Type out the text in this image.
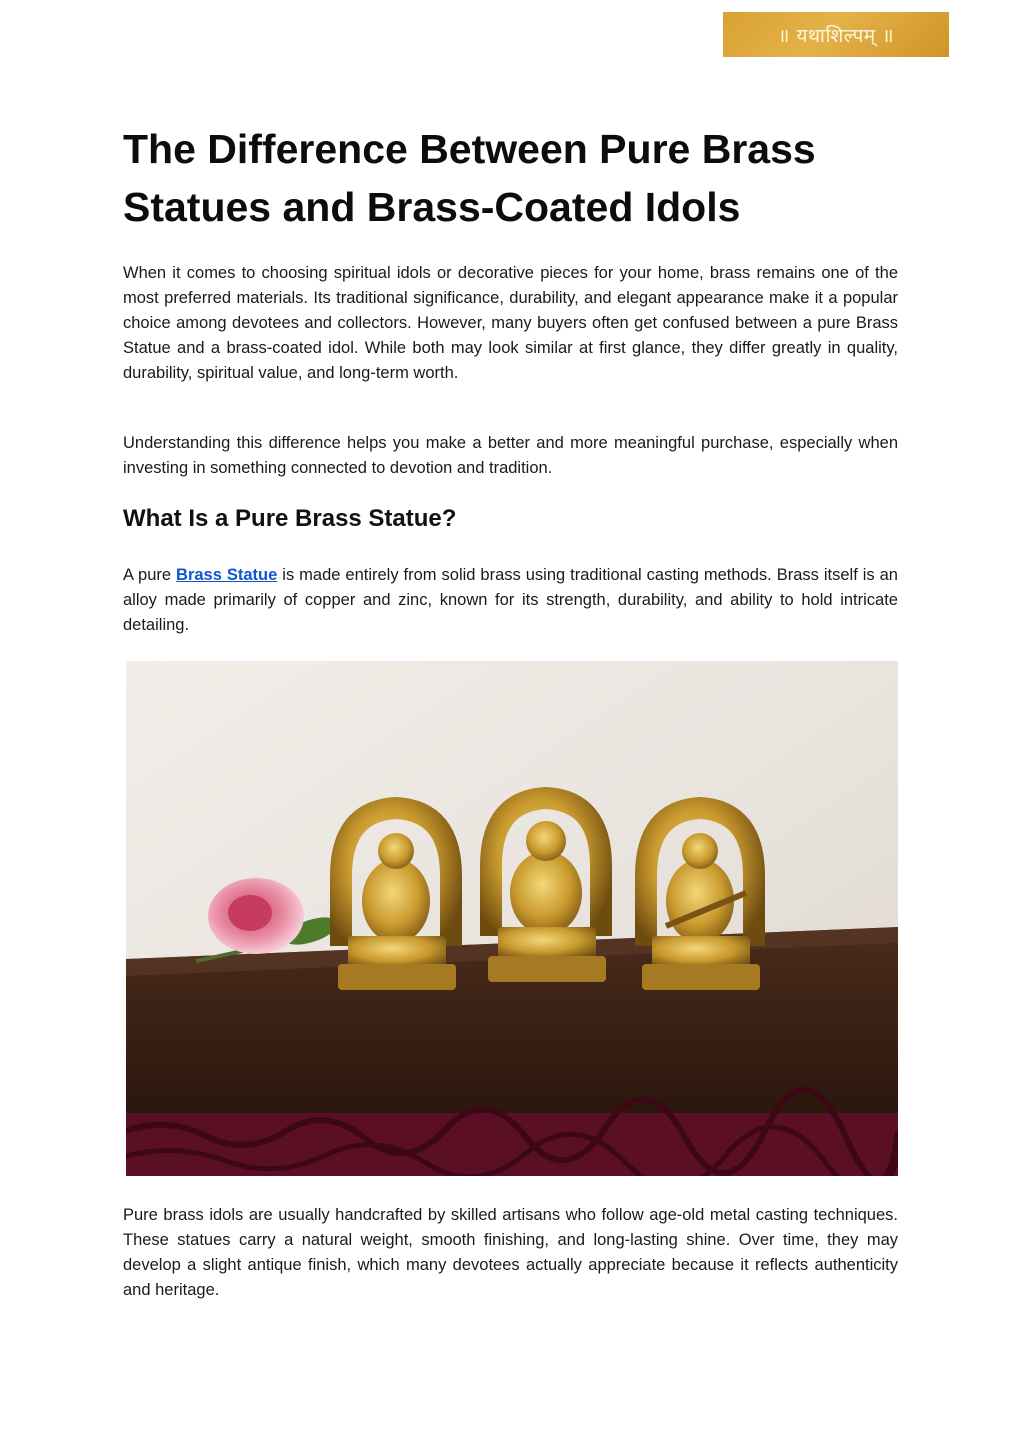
॥ यथाशिल्पम् ॥
The Difference Between Pure Brass Statues and Brass-Coated Idols

When it comes to choosing spiritual idols or decorative pieces for your home, brass remains one of the most preferred materials. Its traditional significance, durability, and elegant appearance make it a popular choice among devotees and collectors. However, many buyers often get confused between a pure Brass Statue and a brass-coated idol. While both may look similar at first glance, they differ greatly in quality, durability, spiritual value, and long-term worth.

Understanding this difference helps you make a better and more meaningful purchase, especially when investing in something connected to devotion and tradition.

What Is a Pure Brass Statue?

A pure Brass Statue is made entirely from solid brass using traditional casting methods. Brass itself is an alloy made primarily of copper and zinc, known for its strength, durability, and ability to hold intricate detailing.

Pure brass idols are usually handcrafted by skilled artisans who follow age-old metal casting techniques. These statues carry a natural weight, smooth finishing, and long-lasting shine. Over time, they may develop a slight antique finish, which many devotees actually appreciate because it reflects authenticity and heritage.
